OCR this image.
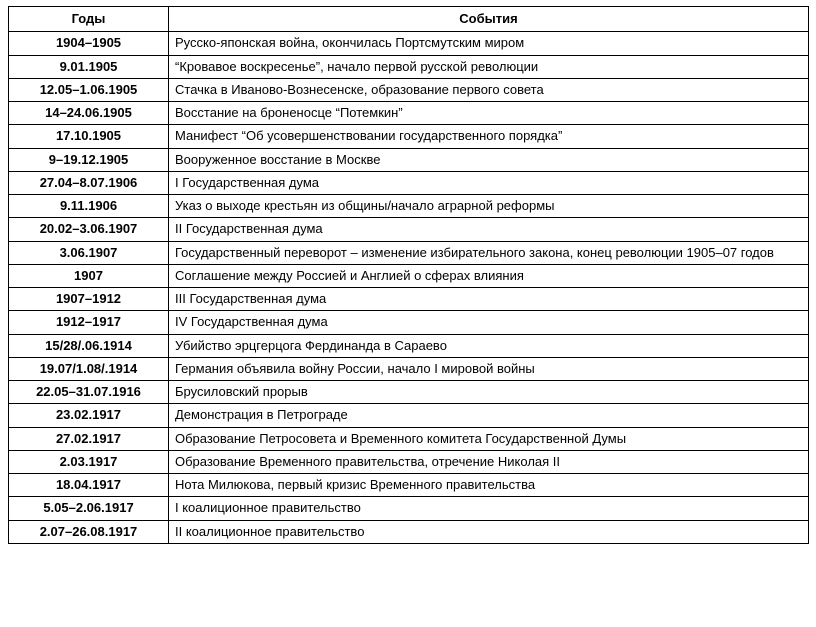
Годы	События
1904–1905	Русско-японская война, окончилась Портсмутским миром
9.01.1905	“Кровавое воскресенье”, начало первой русской революции
12.05–1.06.1905	Стачка в Иваново-Вознесенске, образование первого совета
14–24.06.1905	Восстание на броненосце “Потемкин”
17.10.1905	Манифест “Об усовершенствовании государственного порядка”
9–19.12.1905	Вооруженное восстание в Москве
27.04–8.07.1906	I Государственная дума
9.11.1906	Указ о выходе крестьян из общины/начало аграрной реформы
20.02–3.06.1907	II Государственная дума
3.06.1907	Государственный переворот – изменение избирательного закона, конец революции 1905–07 годов
1907	Соглашение между Россией и Англией о сферах влияния
1907–1912	III Государственная дума
1912–1917	IV Государственная дума
15/28/.06.1914	Убийство эрцгерцога Фердинанда в Сараево
19.07/1.08/.1914	Германия объявила войну России, начало I мировой войны
22.05–31.07.1916	Брусиловский прорыв
23.02.1917	Демонстрация в Петрограде
27.02.1917	Образование Петросовета и Временного комитета Государственной Думы
2.03.1917	Образование Временного правительства, отречение Николая II
18.04.1917	Нота Милюкова, первый кризис Временного правительства
5.05–2.06.1917	I коалиционное правительство
2.07–26.08.1917	II коалиционное правительство
